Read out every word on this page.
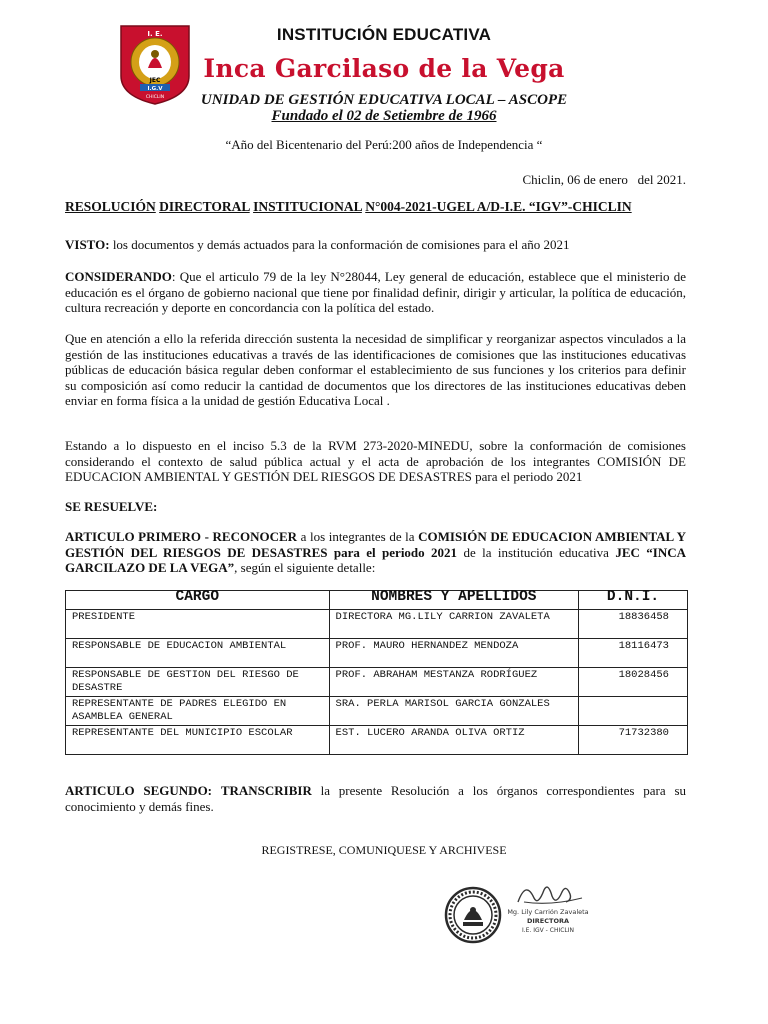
I. E.
JEC
I.G.V
CHICLIN
INSTITUCIÓN EDUCATIVA
Inca Garcilaso de la Vega
UNIDAD DE GESTIÓN EDUCATIVA LOCAL – ASCOPE
Fundado el 02 de Setiembre de 1966
“Año del Bicentenario del Perú:200 años de Independencia “
Chiclin, 06 de enero   del 2021.
RESOLUCIÓN DIRECTORAL INSTITUCIONAL N°004-2021-UGEL A/D-I.E. “IGV”-CHICLIN
VISTO: los documentos y demás actuados para la conformación de comisiones para el año 2021
CONSIDERANDO: Que el articulo 79 de la ley N°28044, Ley general de educación, establece que el ministerio de educación es el órgano de gobierno nacional que tiene por finalidad definir, dirigir y articular, la política de educación, cultura recreación y deporte en concordancia con la política del estado.
Que en atención a ello la referida dirección sustenta la necesidad de simplificar y reorganizar aspectos vinculados a la gestión de las instituciones educativas a través de las identificaciones de comisiones que las instituciones educativas públicas de educación básica regular deben conformar el establecimiento de sus funciones y los criterios para definir su composición así como reducir la cantidad de documentos que los directores de las instituciones educativas deben enviar en forma física a la unidad de gestión Educativa Local .
Estando a lo dispuesto en el inciso 5.3 de la RVM 273-2020-MINEDU, sobre la conformación de comisiones considerando el contexto de salud pública actual y el acta de aprobación de los integrantes COMISIÓN DE EDUCACION AMBIENTAL Y GESTIÓN DEL RIESGOS DE DESASTRES para el periodo 2021
SE RESUELVE:
ARTICULO PRIMERO - RECONOCER a los integrantes de la COMISIÓN DE EDUCACION AMBIENTAL Y GESTIÓN DEL RIESGOS DE DESASTRES para el periodo 2021 de la institución educativa JEC “INCA GARCILAZO DE LA VEGA”, según el siguiente detalle:
CARGO	NOMBRES Y APELLIDOS	D.N.I.
PRESIDENTE	DIRECTORA MG.LILY CARRION ZAVALETA	18836458
RESPONSABLE DE EDUCACION AMBIENTAL	PROF. MAURO HERNANDEZ MENDOZA	18116473
RESPONSABLE DE GESTION DEL RIESGO DE DESASTRE	PROF. ABRAHAM MESTANZA RODRÍGUEZ	18028456
REPRESENTANTE DE PADRES ELEGIDO EN ASAMBLEA GENERAL	SRA. PERLA MARISOL GARCIA GONZALES	
REPRESENTANTE DEL MUNICIPIO ESCOLAR	EST. LUCERO ARANDA OLIVA ORTIZ	71732380
ARTICULO SEGUNDO: TRANSCRIBIR la presente Resolución a los órganos correspondientes para su conocimiento y demás fines.
REGISTRESE, COMUNIQUESE Y ARCHIVESE
Mg. Lily Carrión Zavaleta
DIRECTORA
I.E. IGV - CHICLIN
